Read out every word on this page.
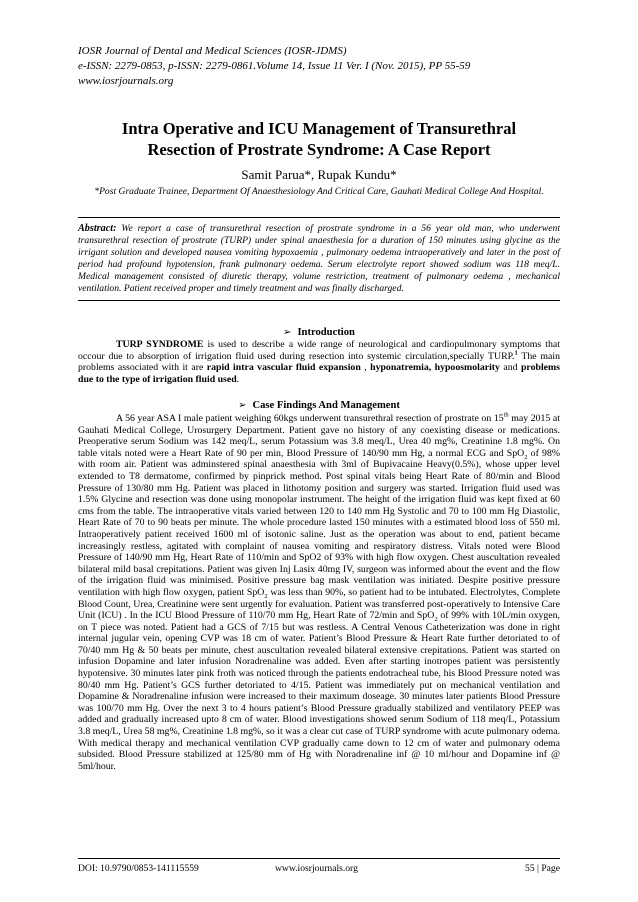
IOSR Journal of Dental and Medical Sciences (IOSR-JDMS)
e-ISSN: 2279-0853, p-ISSN: 2279-0861.Volume 14, Issue 11 Ver. I (Nov. 2015), PP 55-59
www.iosrjournals.org
Intra Operative and ICU Management of Transurethral
Resection of Prostrate Syndrome: A Case Report
Samit Parua*, Rupak Kundu*
*Post Graduate Trainee, Department Of Anaesthesiology And Critical Care, Gauhati Medical College And Hospital.
Abstract: We report a case of transurethral resection of prostrate syndrome in a 56 year old man, who underwent transurethral resection of prostrate (TURP) under spinal anaesthesia for a duration of 150 minutes using glycine as the irrigant solution and developed nausea vomiting hypoxaemia , pulmonary oedema intraoperatively and later in the post of period had profound hypotension, frank pulmonary oedema. Serum electrolyte report showed sodium was 118 meq/L. Medical management consisted of diuretic therapy, volume restriction, treatment of pulmonary oedema , mechanical ventilation. Patient received proper and timely treatment and was finally discharged.
➢ Introduction

TURP SYNDROME is used to describe a wide range of neurological and cardiopulmonary symptoms that occour due to absorption of irrigation fluid used during resection into systemic circulation,specially TURP.$^1$ The main problems associated with it are rapid intra vascular fluid expansion , hyponatremia, hypoosmolarity and problems due to the type of irrigation fluid used.

➢ Case Findings And Management

A 56 year ASA I male patient weighing 60kgs underwent transurethral resection of prostrate on 15th may 2015 at Gauhati Medical College, Urosurgery Department. Patient gave no history of any coexisting disease or medications. Preoperative serum Sodium was 142 meq/L, serum Potassium was 3.8 meq/L, Urea 40 mg%, Creatinine 1.8 mg%. On table vitals noted were a Heart Rate of 90 per min, Blood Pressure of 140/90 mm Hg, a normal ECG and SpO$_2$ of 98% with room air. Patient was adminstered spinal anaesthesia with 3ml of Bupivacaine Heavy(0.5%), whose upper level extended to T8 dermatome, confirmed by pinprick method. Post spinal vitals being Heart Rate of 80/min and Blood Pressure of 130/80 mm Hg. Patient was placed in lithotomy position and surgery was started. Irrigation fluid used was 1.5% Glycine and resection was done using monopolar instrument. The height of the irrigation fluid was kept fixed at 60 cms from the table. The intraoperative vitals varied between 120 to 140 mm Hg Systolic and 70 to 100 mm Hg Diastolic, Heart Rate of 70 to 90 beats per minute. The whole procedure lasted 150 minutes with a estimated blood loss of 550 ml. Intraoperatively patient received 1600 ml of isotonic saline. Just as the operation was about to end, patient became increasingly restless, agitated with complaint of nausea vomiting and respiratory distress. Vitals noted were Blood Pressure of 140/90 mm Hg, Heart Rate of 110/min and SpO2 of 93% with high flow oxygen. Chest auscultation revealed bilateral mild basal crepitations. Patient was given Inj Lasix 40mg IV, surgeon was informed about the event and the flow of the irrigation fluid was minimised. Positive pressure bag mask ventilation was initiated. Despite positive pressure ventilation with high flow oxygen, patient SpO$_2$ was less than 90%, so patient had to be intubated. Electrolytes, Complete Blood Count, Urea, Creatinine were sent urgently for evaluation. Patient was transferred post-operatively to Intensive Care Unit (ICU) . In the ICU Blood Pressure of 110/70 mm Hg, Heart Rate of 72/min and SpO$_2$ of 99% with 10L/min oxygen, on T piece was noted. Patient had a GCS of 7/15 but was restless. A Central Venous Catheterization was done in right internal jugular vein, opening CVP was 18 cm of water. Patient’s Blood Pressure & Heart Rate further detoriated to of 70/40 mm Hg & 50 beats per minute, chest auscultation revealed bilateral extensive crepitations. Patient was started on infusion Dopamine and later infusion Noradrenaline was added. Even after starting inotropes patient was persistently hypotensive. 30 minutes later pink froth was noticed through the patients endotracheal tube, his Blood Pressure noted was 80/40 mm Hg. Patient’s GCS further detoriated to 4/15. Patient was immediately put on mechanical ventilation and Dopamine & Noradrenaline infusion were increased to their maximum doseage. 30 minutes later patients Blood Pressure was 100/70 mm Hg. Over the next 3 to 4 hours patient’s Blood Pressure gradually stabilized and ventilatory PEEP was added and gradually increased upto 8 cm of water. Blood investigations showed serum Sodium of 118 meq/L, Potassium 3.8 meq/L, Urea 58 mg%, Creatinine 1.8 mg%, so it was a clear cut case of TURP syndrome with acute pulmonary odema. With medical therapy and mechanical ventilation CVP gradually came down to 12 cm of water and pulmonary odema subsided. Blood Pressure stabilized at 125/80 mm of Hg with Noradrenaline inf @ 10 ml/hour and Dopamine inf @ 5ml/hour.

DOI: 10.9790/0853-141115559	www.iosrjournals.org	55 | Page
